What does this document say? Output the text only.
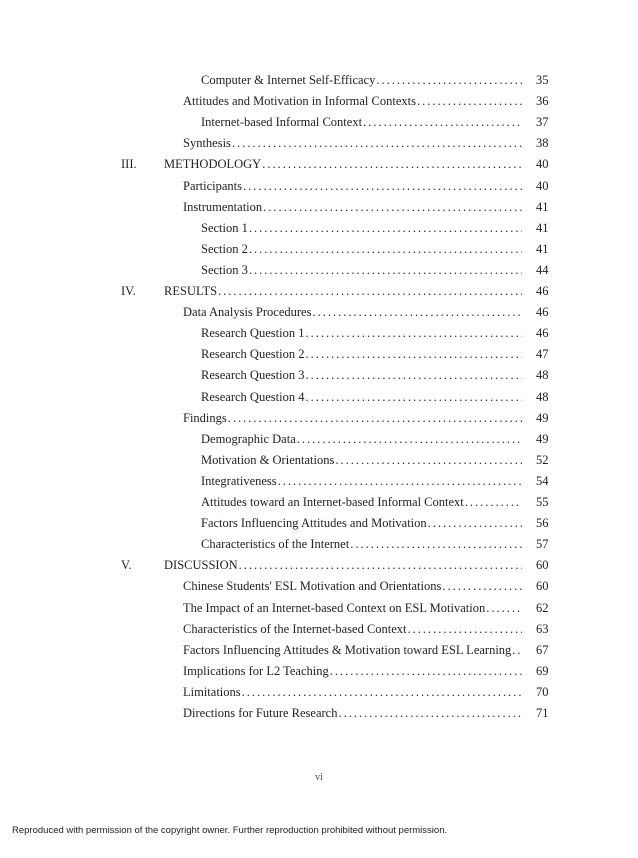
Computer & Internet Self-Efficacy .....	35
Attitudes and Motivation in Informal Contexts .....	36
Internet-based Informal Context .....	37
Synthesis .....	38
III. METHODOLOGY .....	40
Participants .....	40
Instrumentation .....	41
Section 1 .....	41
Section 2 .....	41
Section 3 .....	44
IV. RESULTS .....	46
Data Analysis Procedures .....	46
Research Question 1 .....	46
Research Question 2 .....	47
Research Question 3 .....	48
Research Question 4 .....	48
Findings .....	49
Demographic Data .....	49
Motivation & Orientations .....	52
Integrativeness .....	54
Attitudes toward an Internet-based Informal Context .....	55
Factors Influencing Attitudes and Motivation .....	56
Characteristics of the Internet .....	57
V.	DISCUSSION .....	60
Chinese Students' ESL Motivation and Orientations .....	60
The Impact of an Internet-based Context on ESL Motivation .....	62
Characteristics of the Internet-based Context .....	63
Factors Influencing Attitudes & Motivation toward ESL Learning ..... 67
Implications for L2 Teaching .....	69
Limitations .....	70
Directions for Future Research .....	71
vi
Reproduced with permission of the copyright owner. Further reproduction prohibited without permission.
